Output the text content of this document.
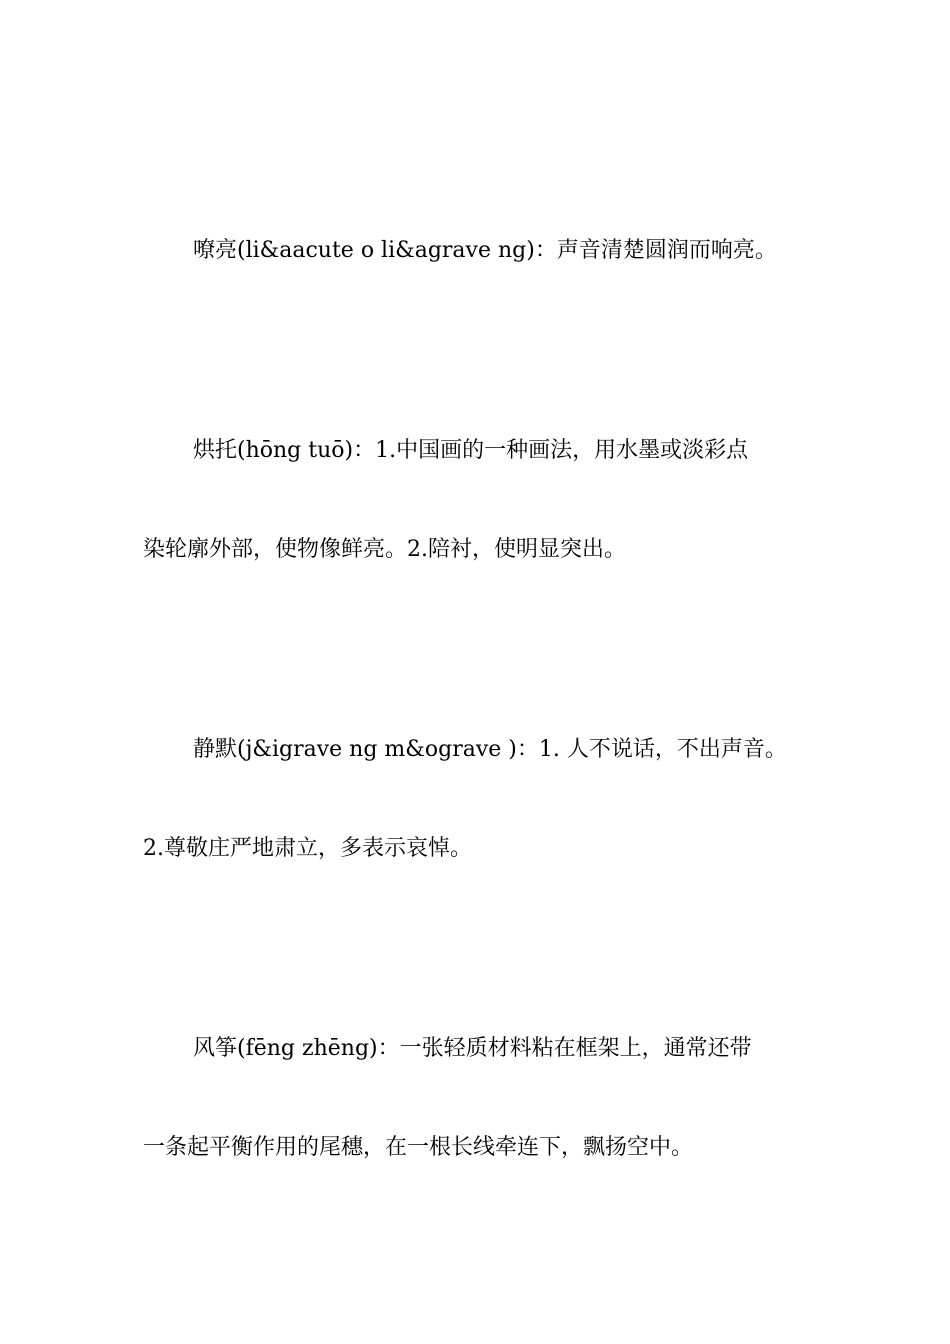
嘹亮(li&aacute o li&agrave ng)：声音清楚圆润而响亮。
烘托(hōng tuō)：1.中国画的一种画法，用水墨或淡彩点
染轮廓外部，使物像鲜亮。2.陪衬，使明显突出。
静默(j&igrave ng m&ograve )：1. 人不说话，不出声音。
2.尊敬庄严地肃立，多表示哀悼。
风筝(fēng zhēng)：一张轻质材料粘在框架上，通常还带
一条起平衡作用的尾穗，在一根长线牵连下，飘扬空中。
